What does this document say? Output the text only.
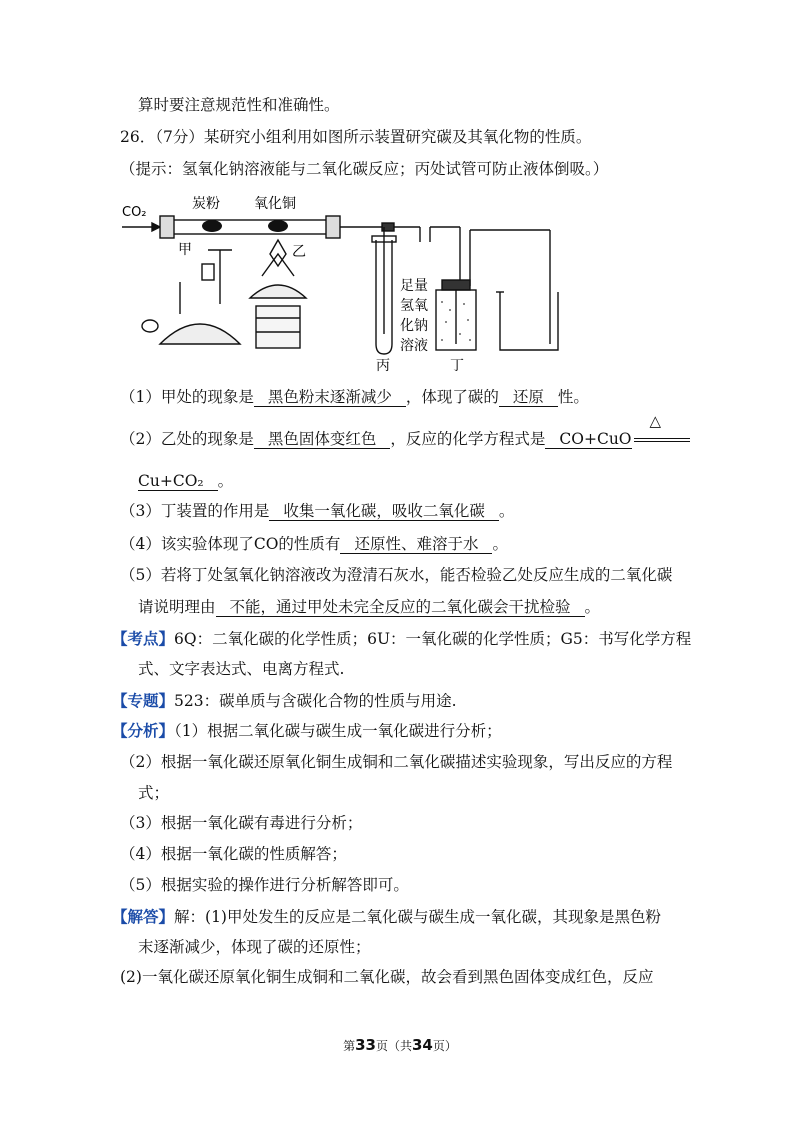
算时要注意规范性和准确性。
26．（7分）某研究小组利用如图所示装置研究碳及其氧化物的性质。
（提示：氢氧化钠溶液能与二氧化碳反应；丙处试管可防止液体倒吸。）
CO₂
炭粉 氧化铜
甲	乙
丙	丁
足量
氢氧
化钠
溶液
（1）甲处的现象是 黑色粉末逐渐减少 ，体现了碳的 还原 性。
（2）乙处的现象是 黑色固体变红色 ，反应的化学方程式是 CO+CuO
△
Cu+CO₂ 。
（3）丁装置的作用是 收集一氧化碳，吸收二氧化碳 。
（4）该实验体现了CO的性质有 还原性、难溶于水 。
（5）若将丁处氢氧化钠溶液改为澄清石灰水，能否检验乙处反应生成的二氧化碳
请说明理由 不能，通过甲处未完全反应的二氧化碳会干扰检验 。
【考点】6Q：二氧化碳的化学性质；6U：一氧化碳的化学性质；G5：书写化学方程
式、文字表达式、电离方程式.
【专题】523：碳单质与含碳化合物的性质与用途.
【分析】（1）根据二氧化碳与碳生成一氧化碳进行分析；
（2）根据一氧化碳还原氧化铜生成铜和二氧化碳描述实验现象，写出反应的方程
式；
（3）根据一氧化碳有毒进行分析；
（4）根据一氧化碳的性质解答；
（5）根据实验的操作进行分析解答即可。
【解答】解：(1)甲处发生的反应是二氧化碳与碳生成一氧化碳，其现象是黑色粉
末逐渐减少，体现了碳的还原性；
(2)一氧化碳还原氧化铜生成铜和二氧化碳，故会看到黑色固体变成红色，反应
第33页（共34页）
